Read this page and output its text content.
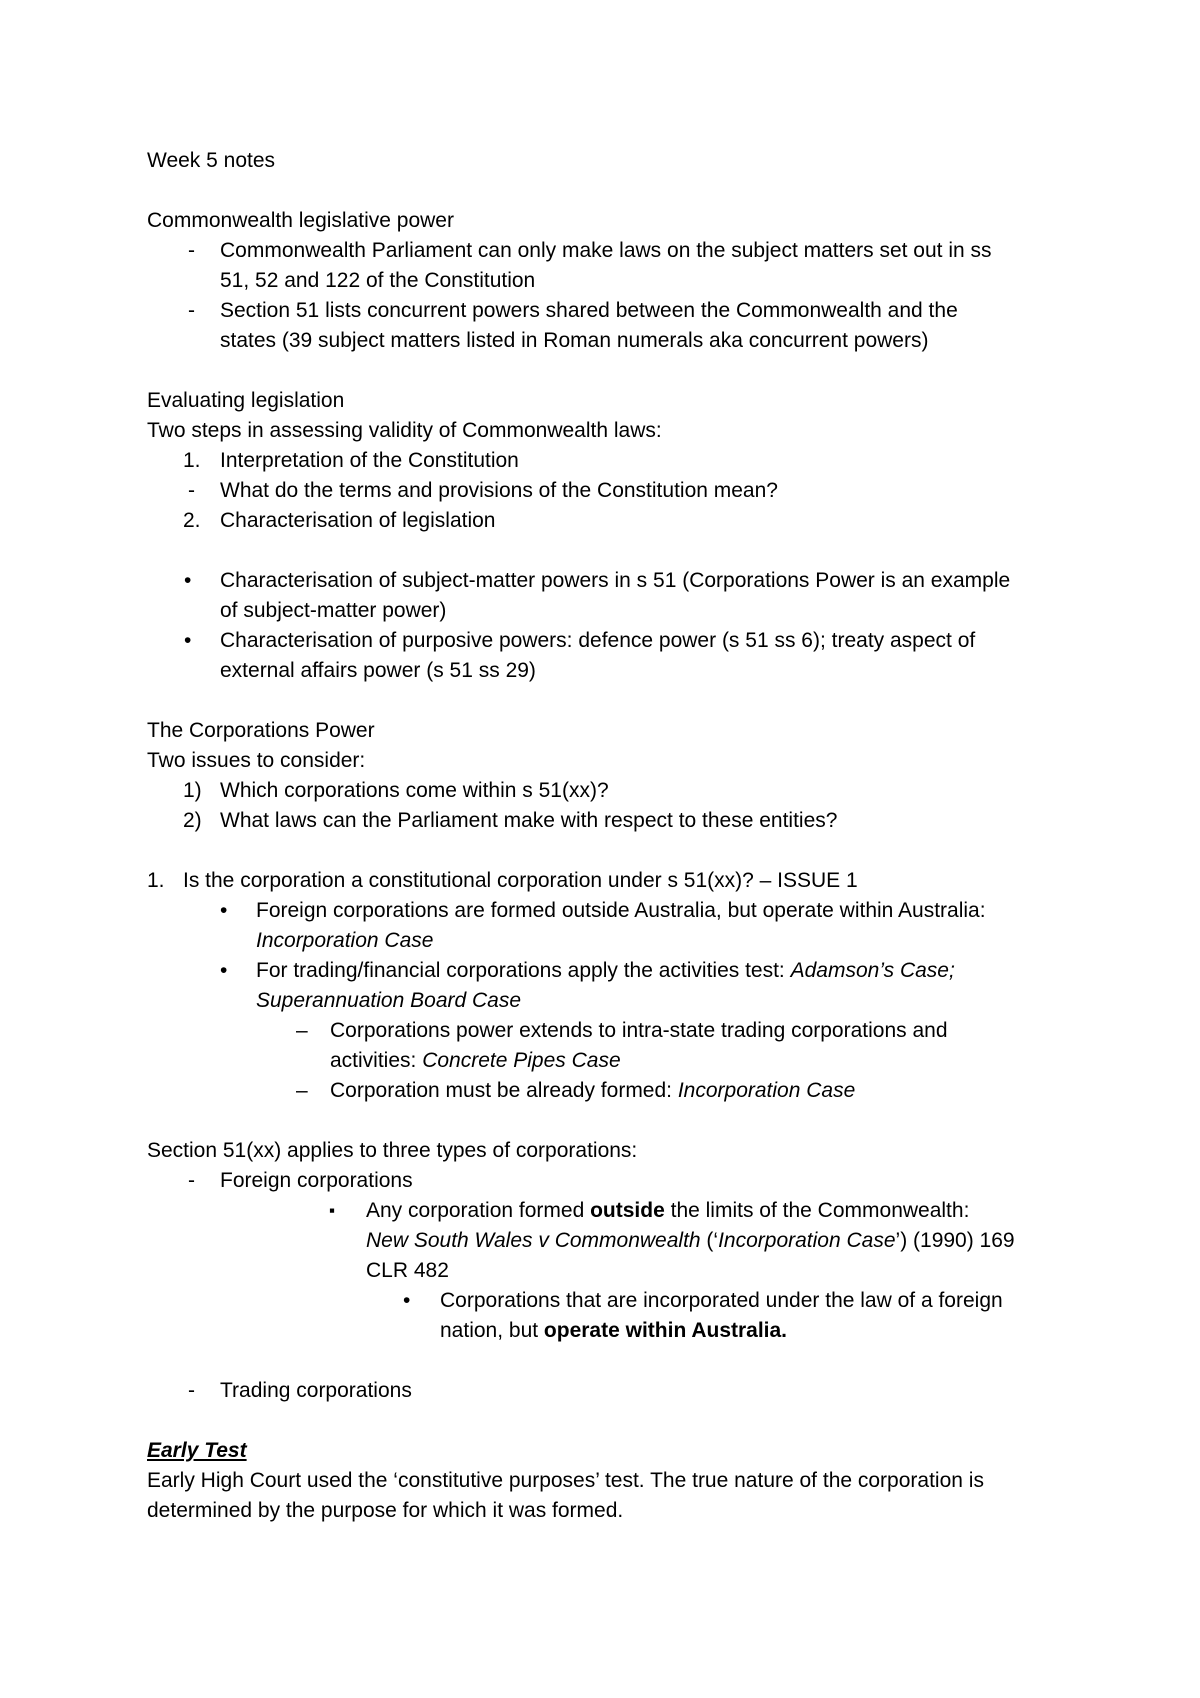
Week 5 notes
Commonwealth legislative power
- Commonwealth Parliament can only make laws on the subject matters set out in ss
51, 52 and 122 of the Constitution
- Section 51 lists concurrent powers shared between the Commonwealth and the
states (39 subject matters listed in Roman numerals aka concurrent powers)
Evaluating legislation
Two steps in assessing validity of Commonwealth laws:
1. Interpretation of the Constitution
- What do the terms and provisions of the Constitution mean?
2. Characterisation of legislation
• Characterisation of subject-matter powers in s 51 (Corporations Power is an example
of subject-matter power)
• Characterisation of purposive powers: defence power (s 51 ss 6); treaty aspect of
external affairs power (s 51 ss 29)
The Corporations Power
Two issues to consider:
1) Which corporations come within s 51(xx)?
2) What laws can the Parliament make with respect to these entities?
1. Is the corporation a constitutional corporation under s 51(xx)? – ISSUE 1
• Foreign corporations are formed outside Australia, but operate within Australia:
Incorporation Case
• For trading/financial corporations apply the activities test: Adamson’s Case;
Superannuation Board Case
– Corporations power extends to intra-state trading corporations and
activities: Concrete Pipes Case
– Corporation must be already formed: Incorporation Case
Section 51(xx) applies to three types of corporations:
- Foreign corporations
▪ Any corporation formed outside the limits of the Commonwealth:
New South Wales v Commonwealth (‘Incorporation Case’) (1990) 169
CLR 482
• Corporations that are incorporated under the law of a foreign
nation, but operate within Australia.
- Trading corporations
Early Test
Early High Court used the ‘constitutive purposes’ test. The true nature of the corporation is
determined by the purpose for which it was formed.
